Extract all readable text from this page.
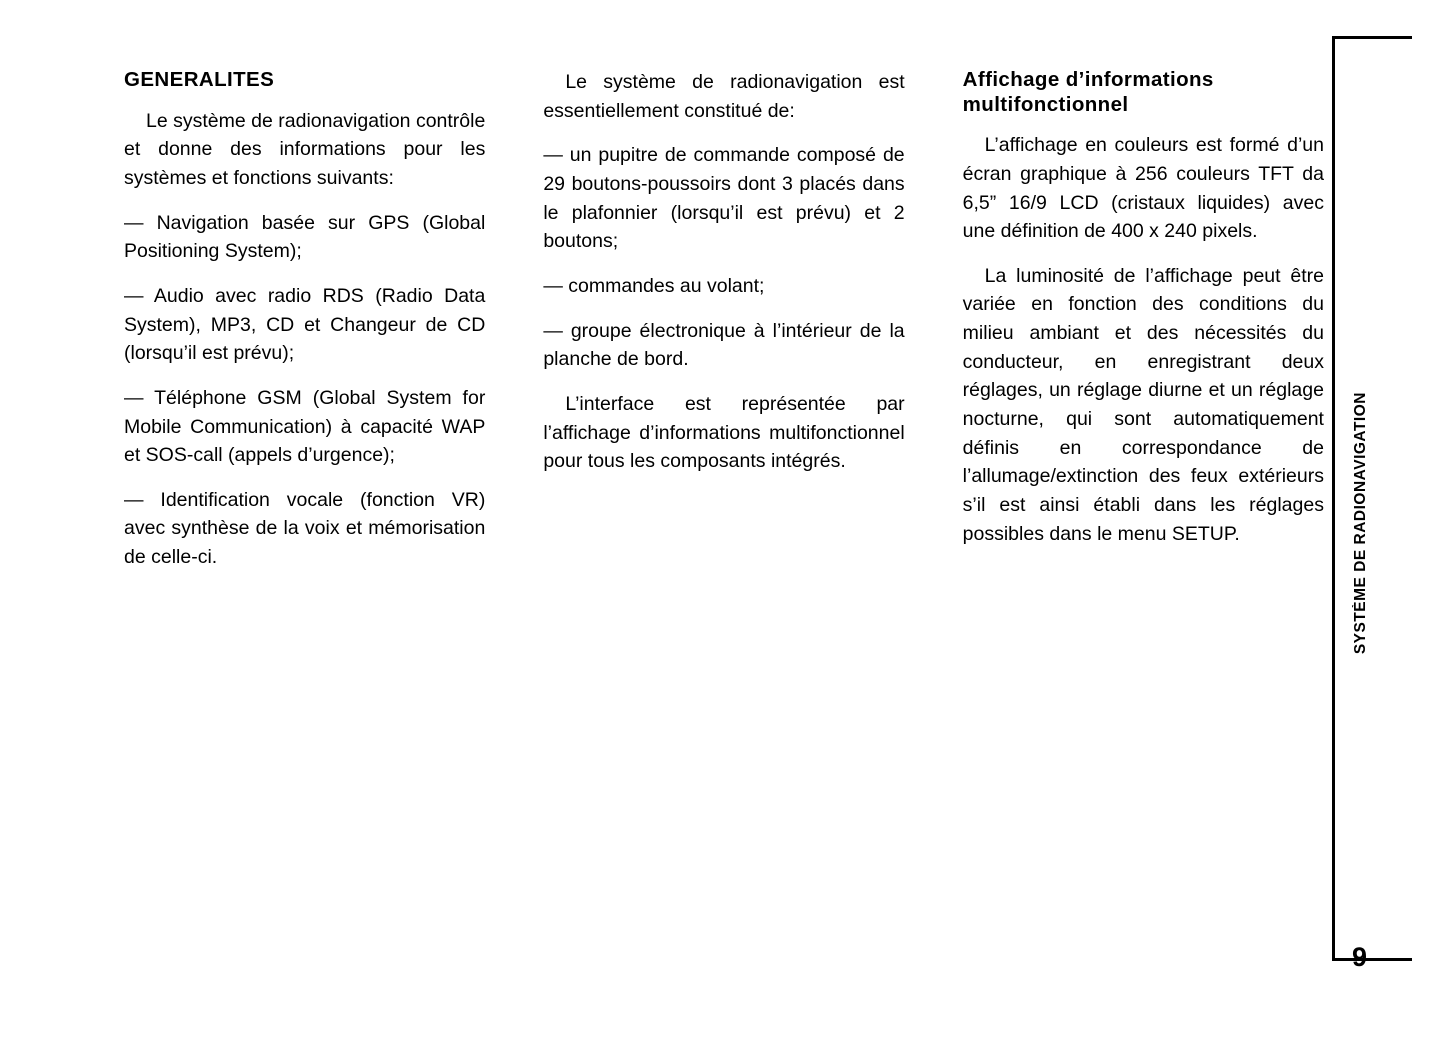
GENERALITES

Le système de radionavigation contrôle et donne des informations pour les systèmes et fonctions suivants:

— Navigation basée sur GPS (Global Positioning System);

— Audio avec radio RDS (Radio Data System), MP3, CD et Changeur de CD (lorsqu’il est prévu);

— Téléphone GSM (Global System for Mobile Communication) à capacité WAP et SOS-call (appels d’urgence);

— Identification vocale (fonction VR) avec synthèse de la voix et mémorisation de celle-ci.

Le système de radionavigation est essentiellement constitué de:

— un pupitre de commande composé de 29 boutons-poussoirs dont 3 placés dans le plafonnier (lorsqu’il est prévu) et 2 boutons;

— commandes au volant;

— groupe électronique à l’intérieur de la planche de bord.

L’interface est représentée par l’affichage d’informations multifonctionnel pour tous les composants intégrés.

Affichage d’informations
multifonctionnel

L’affichage en couleurs est formé d’un écran graphique à 256 couleurs TFT da 6,5” 16/9 LCD (cristaux liquides) avec une définition de 400 x 240 pixels.

La luminosité de l’affichage peut être variée en fonction des conditions du milieu ambiant et des nécessités du conducteur, en enregistrant deux réglages, un réglage diurne et un réglage nocturne, qui sont automatiquement définis en correspondance de l’allumage/extinction des feux extérieurs s’il est ainsi établi dans les réglages possibles dans le menu SETUP.	SYSTÈME DE RADIONAVIGATION
9
